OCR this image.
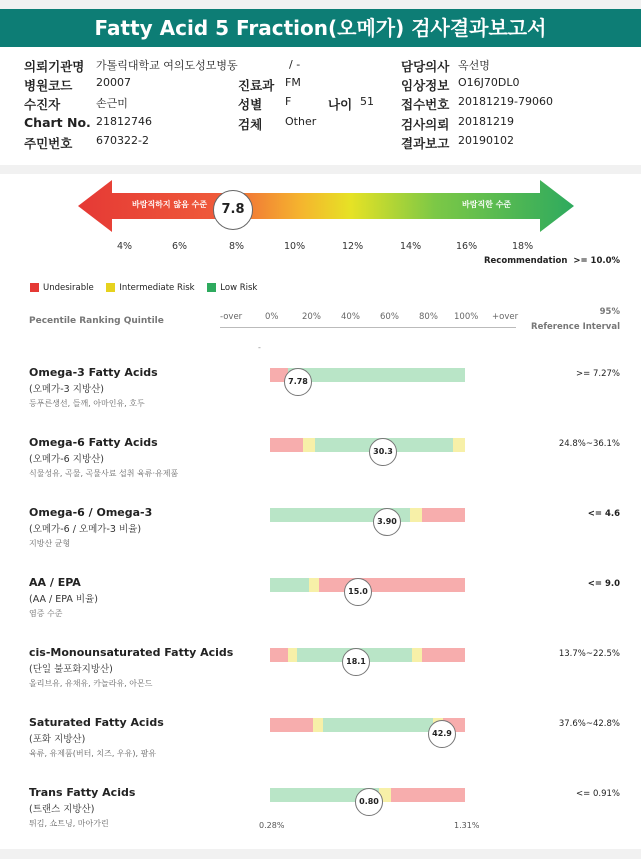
Fatty Acid 5 Fraction(오메가) 검사결과보고서
의뢰기관명 가톨릭대학교 여의도성모병동
병원코드 20007
수진자	손근미
Chart No. 21812746
주민번호 670322-2
/ -
진료과 FM
성별 F	나이 51
검체 Other
담당의사 옥선명
임상정보 O16J70DL0
접수번호 20181219-79060
검사의뢰 20181219
결과보고 20190102
바람직하지 않음 수준	바람직한 수준
7.8
4%	6%	8%	10%	12%	14%	16%	18%
Recommendation >= 10.0%
Undesirable	Intermediate Risk	Low Risk
Pecentile Ranking Quintile	-over	0%	20% 40% 60% 80% 100% +over
-
95%
Reference Interval
Omega-3 Fatty Acids
(오메가-3 지방산)
등푸른생선, 들깨, 아마인유, 호두
7.78
>= 7.27%
Omega-6 Fatty Acids
(오메가-6 지방산)
식물성유, 곡물, 곡물사료 섭취 육류·유제품
30.3
24.8%~36.1%
Omega-6 / Omega-3
(오메가-6 / 오메가-3 비율)
지방산 균형
3.90
<= 4.6
AA / EPA
(AA / EPA 비율)
염증 수준
15.0
<= 9.0
cis-Monounsaturated Fatty Acids
(단일 불포화지방산)
올리브유, 유채유, 카놀라유, 아몬드
18.1
13.7%~22.5%
Saturated Fatty Acids
(포화 지방산)
육류, 유제품(버터, 치즈, 우유), 팜유
42.9
37.6%~42.8%
Trans Fatty Acids
(트랜스 지방산)
튀김, 쇼트닝, 마아가린
0.80
<= 0.91%
0.28%	1.31%
